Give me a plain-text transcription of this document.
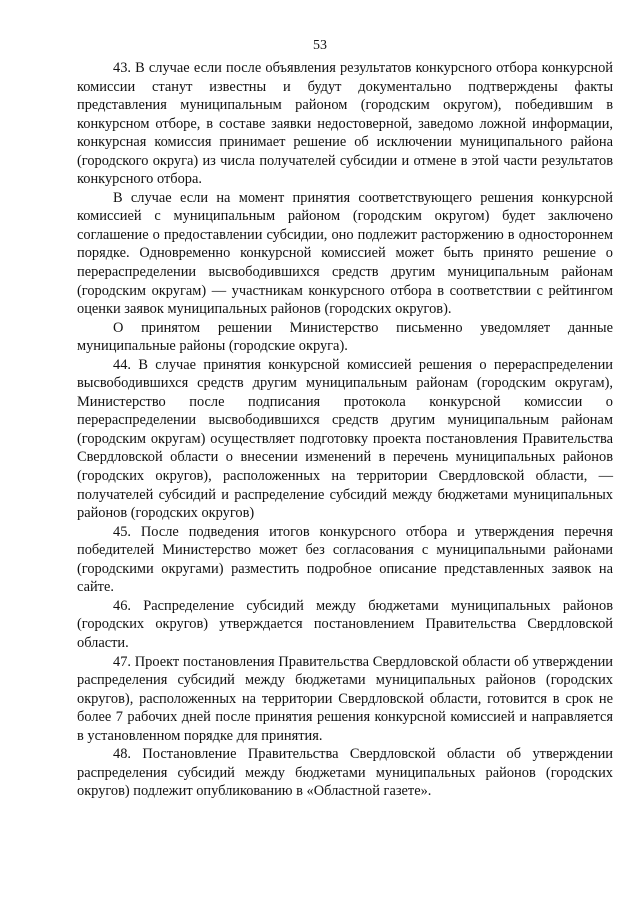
53

43. В случае если после объявления результатов конкурсного отбора конкурсной комиссии станут известны и будут документально подтверждены факты представления муниципальным районом (городским округом), победившим в конкурсном отборе, в составе заявки недостоверной, заведомо ложной информации, конкурсная комиссия принимает решение об исключении муниципального района (городского округа) из числа получателей субсидии и отмене в этой части результатов конкурсного отбора.

В случае если на момент принятия соответствующего решения конкурсной комиссией с муниципальным районом (городским округом) будет заключено соглашение о предоставлении субсидии, оно подлежит расторжению в одностороннем порядке. Одновременно конкурсной комиссией может быть принято решение о перераспределении высвободившихся средств другим муниципальным районам (городским округам) — участникам конкурсного отбора в соответствии с рейтингом оценки заявок муниципальных районов (городских округов).

О принятом решении Министерство письменно уведомляет данные муниципальные районы (городские округа).

44. В случае принятия конкурсной комиссией решения о перераспределении высвободившихся средств другим муниципальным районам (городским округам), Министерство после подписания протокола конкурсной комиссии о перераспределении высвободившихся средств другим муниципальным районам (городским округам) осуществляет подготовку проекта постановления Правительства Свердловской области о внесении изменений в перечень муниципальных районов (городских округов), расположенных на территории Свердловской области, — получателей субсидий и распределение субсидий между бюджетами муниципальных районов (городских округов)

45. После подведения итогов конкурсного отбора и утверждения перечня победителей Министерство может без согласования с муниципальными районами (городскими округами) разместить подробное описание представленных заявок на сайте.

46. Распределение субсидий между бюджетами муниципальных районов (городских округов) утверждается постановлением Правительства Свердловской области.

47. Проект постановления Правительства Свердловской области об утверждении распределения субсидий между бюджетами муниципальных районов (городских округов), расположенных на территории Свердловской области, готовится в срок не более 7 рабочих дней после принятия решения конкурсной комиссией и направляется в установленном порядке для принятия.

48. Постановление Правительства Свердловской области об утверждении распределения субсидий между бюджетами муниципальных районов (городских округов) подлежит опубликованию в «Областной газете».
